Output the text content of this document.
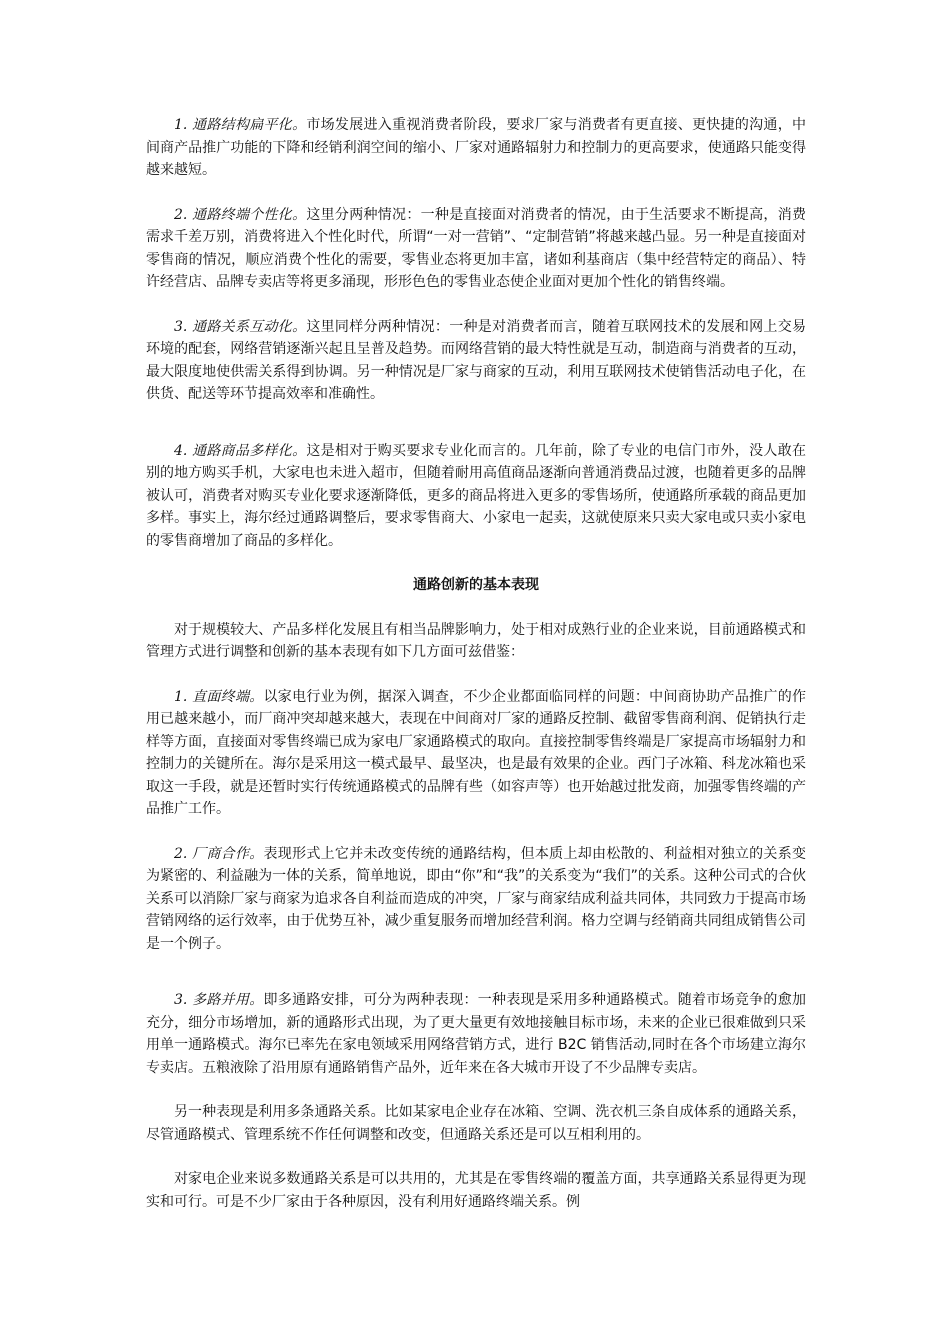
1. 通路结构扁平化。市场发展进入重视消费者阶段，要求厂家与消费者有更直接、更快捷的沟通，中间商产品推广功能的下降和经销利润空间的缩小、厂家对通路辐射力和控制力的更高要求，使通路只能变得越来越短。

2. 通路终端个性化。这里分两种情况：一种是直接面对消费者的情况，由于生活要求不断提高，消费需求千差万别，消费将进入个性化时代，所谓“一对一营销”、“定制营销”将越来越凸显。另一种是直接面对零售商的情况，顺应消费个性化的需要，零售业态将更加丰富，诸如利基商店（集中经营特定的商品）、特许经营店、品牌专卖店等将更多涌现，形形色色的零售业态使企业面对更加个性化的销售终端。

3. 通路关系互动化。这里同样分两种情况：一种是对消费者而言，随着互联网技术的发展和网上交易环境的配套，网络营销逐渐兴起且呈普及趋势。而网络营销的最大特性就是互动，制造商与消费者的互动，最大限度地使供需关系得到协调。另一种情况是厂家与商家的互动，利用互联网技术使销售活动电子化，在供货、配送等环节提高效率和准确性。

4. 通路商品多样化。这是相对于购买要求专业化而言的。几年前，除了专业的电信门市外，没人敢在别的地方购买手机，大家电也未进入超市，但随着耐用高值商品逐渐向普通消费品过渡，也随着更多的品牌被认可，消费者对购买专业化要求逐渐降低，更多的商品将进入更多的零售场所，使通路所承载的商品更加多样。事实上，海尔经过通路调整后，要求零售商大、小家电一起卖，这就使原来只卖大家电或只卖小家电的零售商增加了商品的多样化。

通路创新的基本表现

对于规模较大、产品多样化发展且有相当品牌影响力，处于相对成熟行业的企业来说，目前通路模式和管理方式进行调整和创新的基本表现有如下几方面可兹借鉴：

1. 直面终端。以家电行业为例，据深入调查，不少企业都面临同样的问题：中间商协助产品推广的作用已越来越小，而厂商冲突却越来越大，表现在中间商对厂家的通路反控制、截留零售商利润、促销执行走样等方面，直接面对零售终端已成为家电厂家通路模式的取向。直接控制零售终端是厂家提高市场辐射力和控制力的关键所在。海尔是采用这一模式最早、最坚决，也是最有效果的企业。西门子冰箱、科龙冰箱也采取这一手段，就是还暂时实行传统通路模式的品牌有些（如容声等）也开始越过批发商，加强零售终端的产品推广工作。

2. 厂商合作。表现形式上它并未改变传统的通路结构，但本质上却由松散的、利益相对独立的关系变为紧密的、利益融为一体的关系，简单地说，即由“你”和“我”的关系变为“我们”的关系。这种公司式的合伙关系可以消除厂家与商家为追求各自利益而造成的冲突，厂家与商家结成利益共同体，共同致力于提高市场营销网络的运行效率，由于优势互补，减少重复服务而增加经营利润。格力空调与经销商共同组成销售公司是一个例子。

3. 多路并用。即多通路安排，可分为两种表现：一种表现是采用多种通路模式。随着市场竞争的愈加充分，细分市场增加，新的通路形式出现，为了更大量更有效地接触目标市场，未来的企业已很难做到只采用单一通路模式。海尔已率先在家电领域采用网络营销方式，进行 B2C 销售活动,同时在各个市场建立海尔专卖店。五粮液除了沿用原有通路销售产品外，近年来在各大城市开设了不少品牌专卖店。

另一种表现是利用多条通路关系。比如某家电企业存在冰箱、空调、洗衣机三条自成体系的通路关系，尽管通路模式、管理系统不作任何调整和改变，但通路关系还是可以互相利用的。

对家电企业来说多数通路关系是可以共用的，尤其是在零售终端的覆盖方面，共享通路关系显得更为现实和可行。可是不少厂家由于各种原因，没有利用好通路终端关系。例
